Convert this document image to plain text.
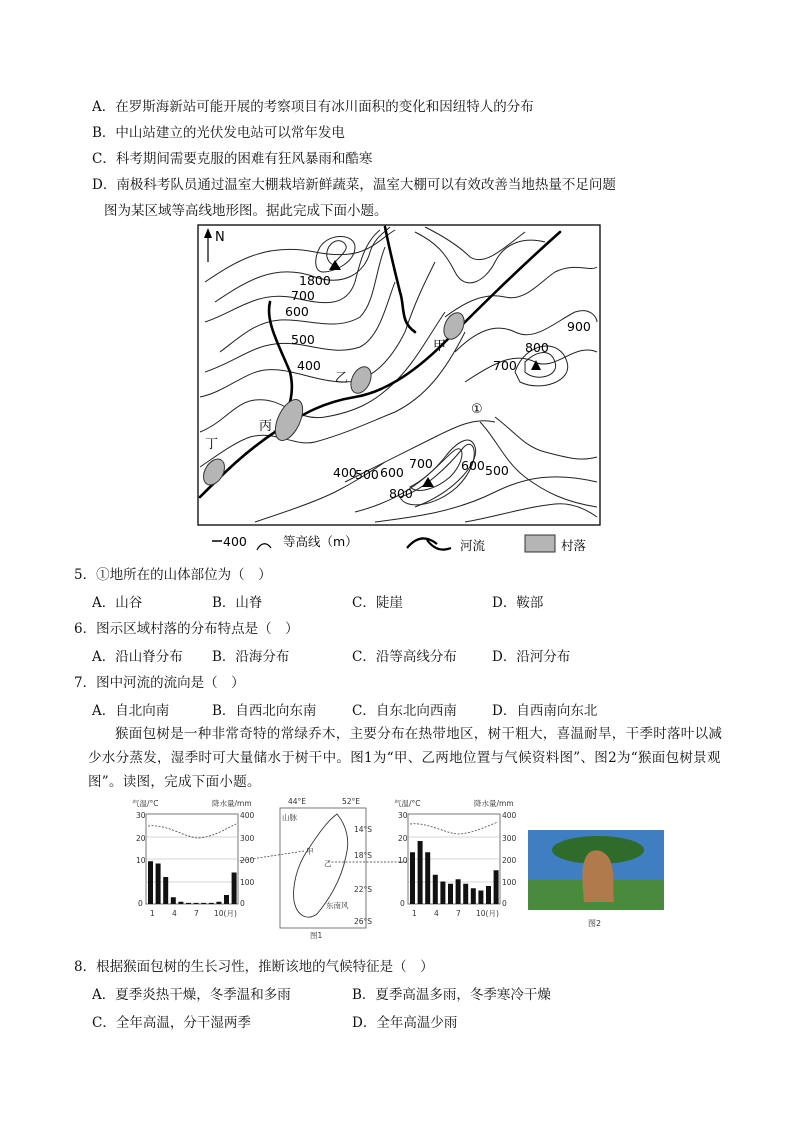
A．在罗斯海新站可能开展的考察项目有冰川面积的变化和因纽特人的分布
B．中山站建立的光伏发电站可以常年发电
C．科考期间需要克服的困难有狂风暴雨和酷寒
D．南极科考队员通过温室大棚栽培新鲜蔬菜，温室大棚可以有效改善当地热量不足问题
图为某区域等高线地形图。据此完成下面小题。
N
1800
700
600
500
400
400
500 600
700
800
600 500
900
800
700
甲
乙
丙
丁
①
400	等高线（m）	河流	村落
5．①地所在的山体部位为（　）
A．山谷	B．山脊	C．陡崖	D．鞍部
6．图示区域村落的分布特点是（　）
A．沿山脊分布 B．沿海分布	C．沿等高线分布	D．沿河分布
7．图中河流的流向是（　）
A．自北向南	B．自西北向东南	C．自东北向西南	D．自西南向东北
猴面包树是一种非常奇特的常绿乔木，主要分布在热带地区，树干粗大，喜温耐旱，干季时落叶以减少水分蒸发，湿季时可大量储水于树干中。图1为“甲、乙两地位置与气候资料图”、图2为“猴面包树景观图”。读图，完成下面小题。
气温/°C	降水量/mm
30
20
10
0
400
300
200
100
0
1 4 7 10(月)
44°E	52°E
山脉
14°S
18°S
22°S
26°S
甲
乙
东南风
图1
气温/°C	降水量/mm
30
20
10
0
400
300
200
100
0
1 4 7 10(月)
图2
8．根据猴面包树的生长习性，推断该地的气候特征是（　）
A．夏季炎热干燥，冬季温和多雨	B．夏季高温多雨，冬季寒冷干燥
C．全年高温，分干湿两季	D．全年高温少雨
